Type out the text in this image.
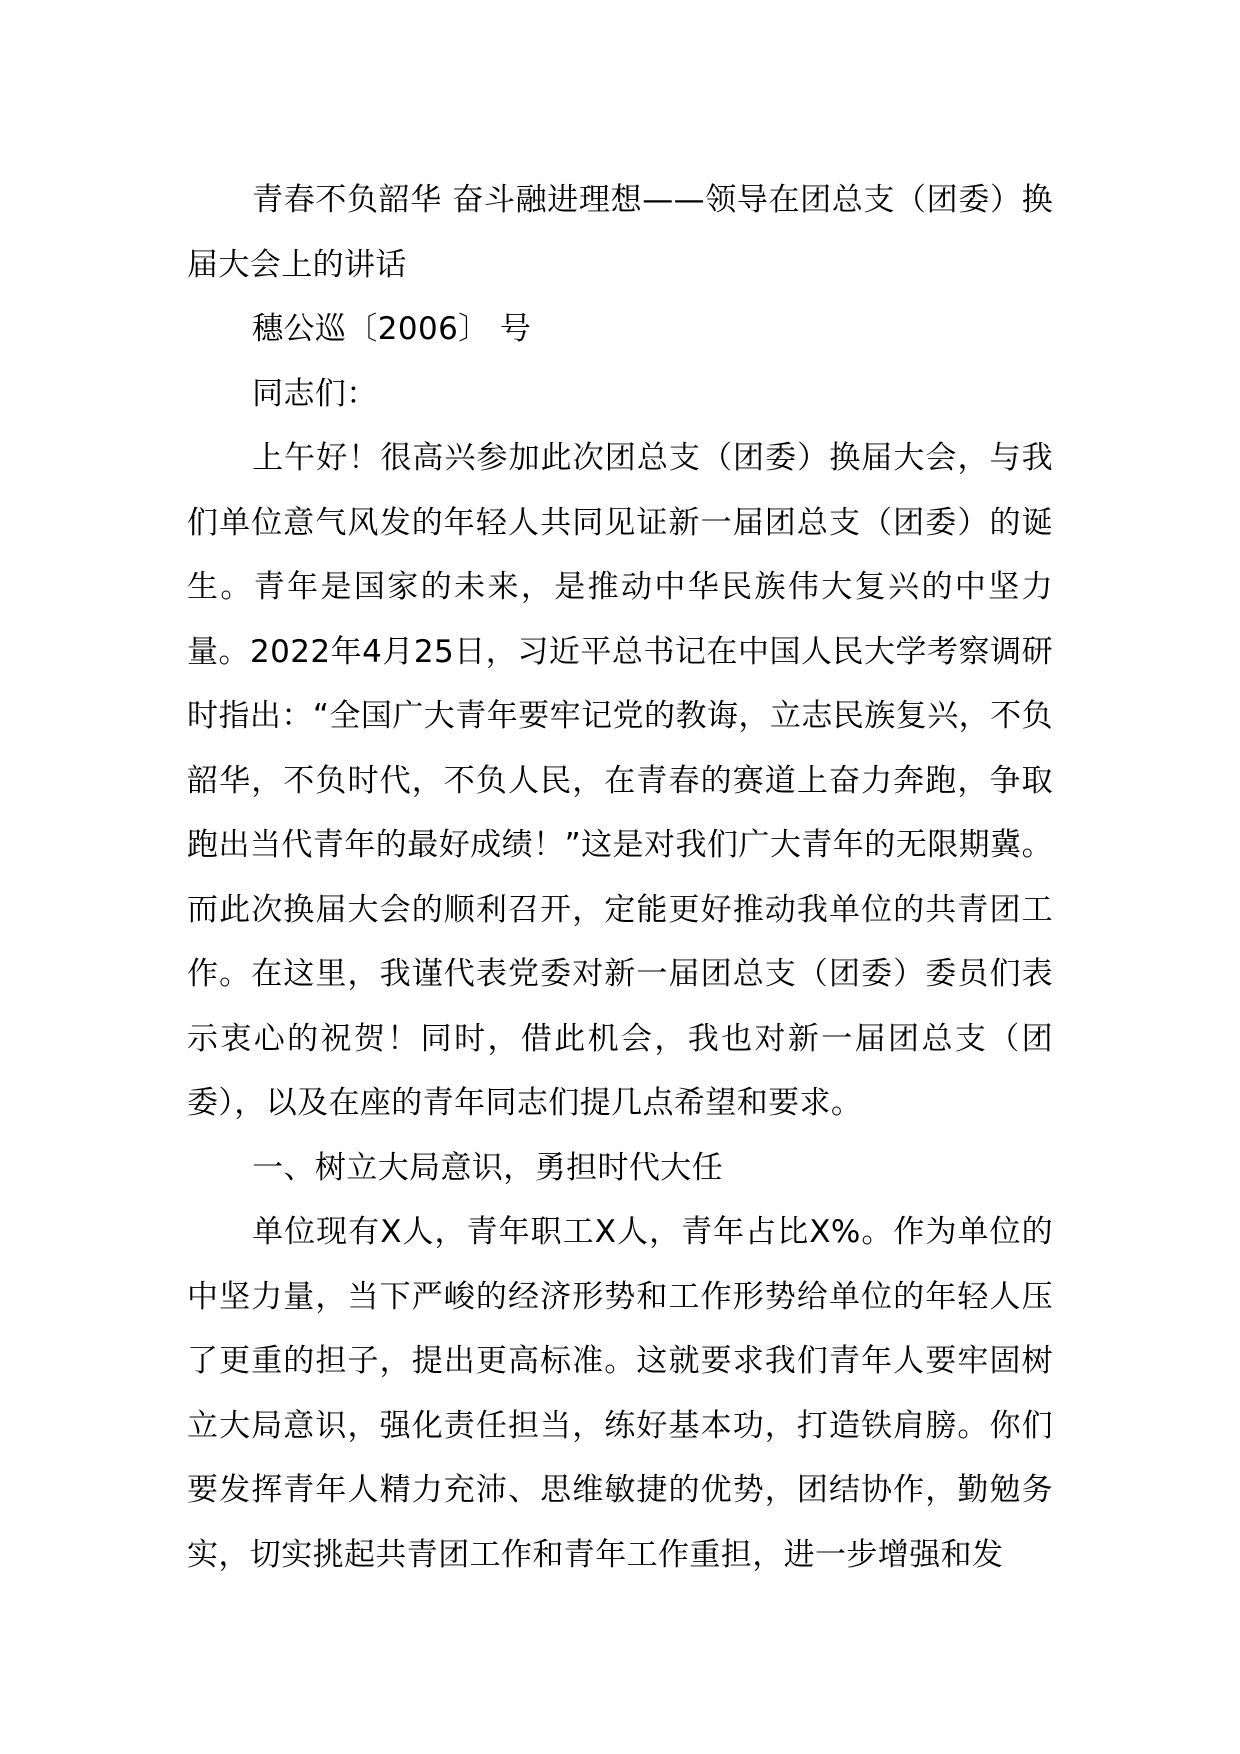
青春不负韶华 奋斗融进理想——领导在团总支（团委）换届大会上的讲话

穗公巡〔2006〕 号

同志们：

上午好！很高兴参加此次团总支（团委）换届大会，与我们单位意气风发的年轻人共同见证新一届团总支（团委）的诞生。青年是国家的未来，是推动中华民族伟大复兴的中坚力量。2022年4月25日，习近平总书记在中国人民大学考察调研时指出：“全国广大青年要牢记党的教诲，立志民族复兴，不负韶华，不负时代，不负人民，在青春的赛道上奋力奔跑，争取跑出当代青年的最好成绩！”这是对我们广大青年的无限期冀。而此次换届大会的顺利召开，定能更好推动我单位的共青团工作。在这里，我谨代表党委对新一届团总支（团委）委员们表示衷心的祝贺！同时，借此机会，我也对新一届团总支（团委），以及在座的青年同志们提几点希望和要求。

一、树立大局意识，勇担时代大任

单位现有X人，青年职工X人，青年占比X%。作为单位的中坚力量，当下严峻的经济形势和工作形势给单位的年轻人压了更重的担子，提出更高标准。这就要求我们青年人要牢固树立大局意识，强化责任担当，练好基本功，打造铁肩膀。你们要发挥青年人精力充沛、思维敏捷的优势，团结协作，勤勉务实，切实挑起共青团工作和青年工作重担，进一步增强和发
